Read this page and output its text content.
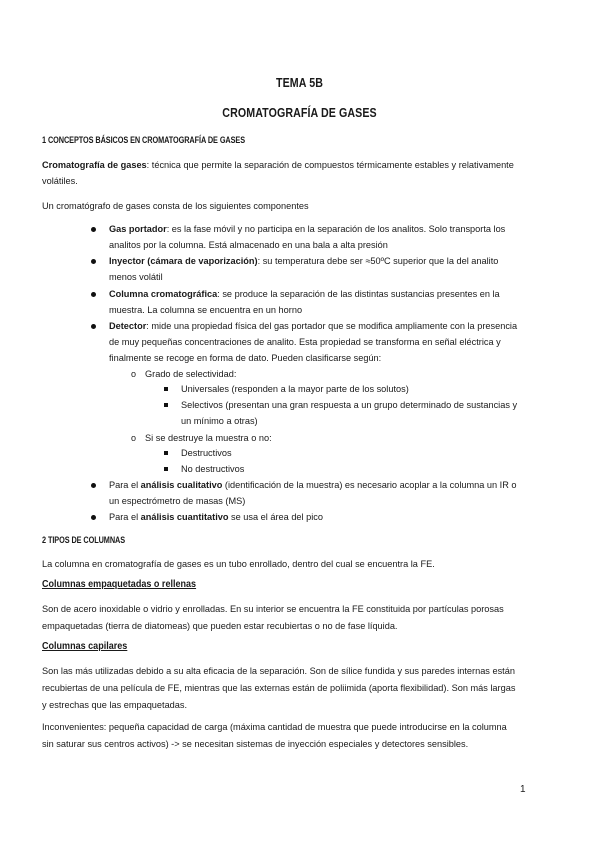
TEMA 5B
CROMATOGRAFÍA DE GASES
1 CONCEPTOS BÁSICOS EN CROMATOGRAFÍA DE GASES
Cromatografía de gases: técnica que permite la separación de compuestos térmicamente estables y relativamente
volátiles.
Un cromatógrafo de gases consta de los siguientes componentes
Gas portador: es la fase móvil y no participa en la separación de los analitos. Solo transporta los
analitos por la columna. Está almacenado en una bala a alta presión
Inyector (cámara de vaporización): su temperatura debe ser ≈50ºC superior que la del analito
menos volátil
Columna cromatográfica: se produce la separación de las distintas sustancias presentes en la
muestra. La columna se encuentra en un horno
Detector: mide una propiedad física del gas portador que se modifica ampliamente con la presencia
de muy pequeñas concentraciones de analito. Esta propiedad se transforma en señal eléctrica y
finalmente se recoge en forma de dato. Pueden clasificarse según:
o Grado de selectividad:
Universales (responden a la mayor parte de los solutos)
Selectivos (presentan una gran respuesta a un grupo determinado de sustancias y
un mínimo a otras)
o Si se destruye la muestra o no:
Destructivos
No destructivos
Para el análisis cualitativo (identificación de la muestra) es necesario acoplar a la columna un IR o
un espectrómetro de masas (MS)
Para el análisis cuantitativo se usa el área del pico
2 TIPOS DE COLUMNAS
La columna en cromatografía de gases es un tubo enrollado, dentro del cual se encuentra la FE.
Columnas empaquetadas o rellenas
Son de acero inoxidable o vidrio y enrolladas. En su interior se encuentra la FE constituida por partículas porosas
empaquetadas (tierra de diatomeas) que pueden estar recubiertas o no de fase líquida.
Columnas capilares
Son las más utilizadas debido a su alta eficacia de la separación. Son de sílice fundida y sus paredes internas están
recubiertas de una película de FE, mientras que las externas están de poliimida (aporta flexibilidad). Son más largas
y estrechas que las empaquetadas.
Inconvenientes: pequeña capacidad de carga (máxima cantidad de muestra que puede introducirse en la columna
sin saturar sus centros activos) -> se necesitan sistemas de inyección especiales y detectores sensibles.
1
